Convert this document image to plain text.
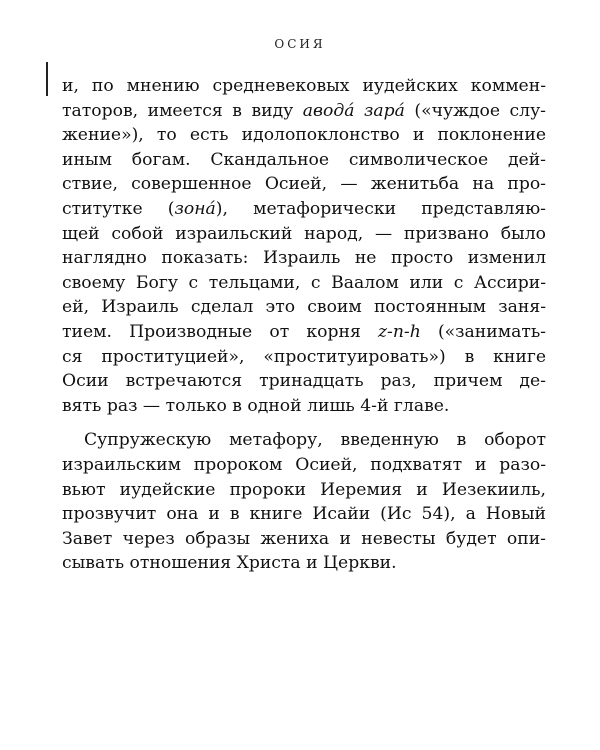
ОСИЯ
и, по мнению средневековых иудейских коммен-
таторов, имеется в виду авода́ зара́ («чуждое слу-
жение»), то есть идолопоклонство и поклонение
иным богам. Скандальное символическое дей-
ствие, совершенное Осией, — женитьба на про-
ститутке (зона́), метафорически представляю-
щей собой израильский народ, — призвано было
наглядно показать: Израиль не просто изменил
своему Богу с тельцами, с Ваалом или с Ассири-
ей, Израиль сделал это своим постоянным заня-
тием. Производные от корня z-n-h («занимать-
ся проституцией», «проституировать») в книге
Осии встречаются тринадцать раз, причем де-
вять раз — только в одной лишь 4-й главе.
Супружескую метафору, введенную в оборот
израильским пророком Осией, подхватят и разо-
вьют иудейские пророки Иеремия и Иезекииль,
прозвучит она и в книге Исайи (Ис 54), а Новый
Завет через образы жениха и невесты будет опи-
сывать отношения Христа и Церкви.
